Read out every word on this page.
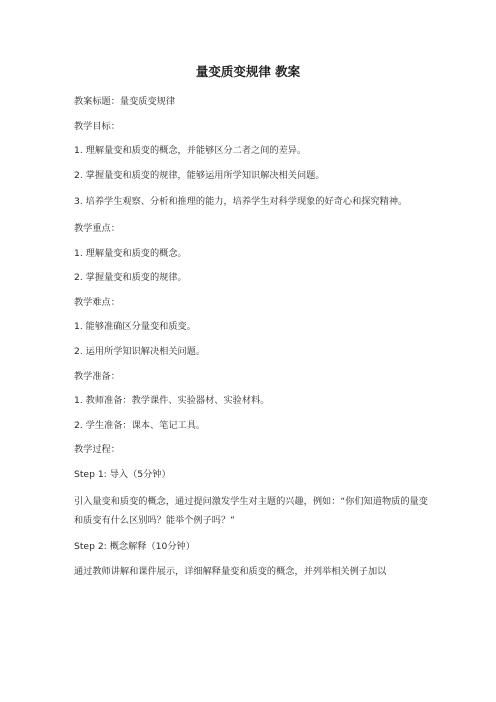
量变质变规律 教案

教案标题：量变质变规律

教学目标：

1. 理解量变和质变的概念，并能够区分二者之间的差异。

2. 掌握量变和质变的规律，能够运用所学知识解决相关问题。

3. 培养学生观察、分析和推理的能力，培养学生对科学现象的好奇心和探究精神。

教学重点：

1. 理解量变和质变的概念。

2. 掌握量变和质变的规律。

教学难点：

1. 能够准确区分量变和质变。

2. 运用所学知识解决相关问题。

教学准备：

1. 教师准备：教学课件、实验器材、实验材料。

2. 学生准备：课本、笔记工具。

教学过程：

Step 1: 导入（5分钟）

引入量变和质变的概念，通过提问激发学生对主题的兴趣，例如：“你们知道物质的量变和质变有什么区别吗？能举个例子吗？”

Step 2: 概念解释（10分钟）

通过教师讲解和课件展示，详细解释量变和质变的概念，并列举相关例子加以
